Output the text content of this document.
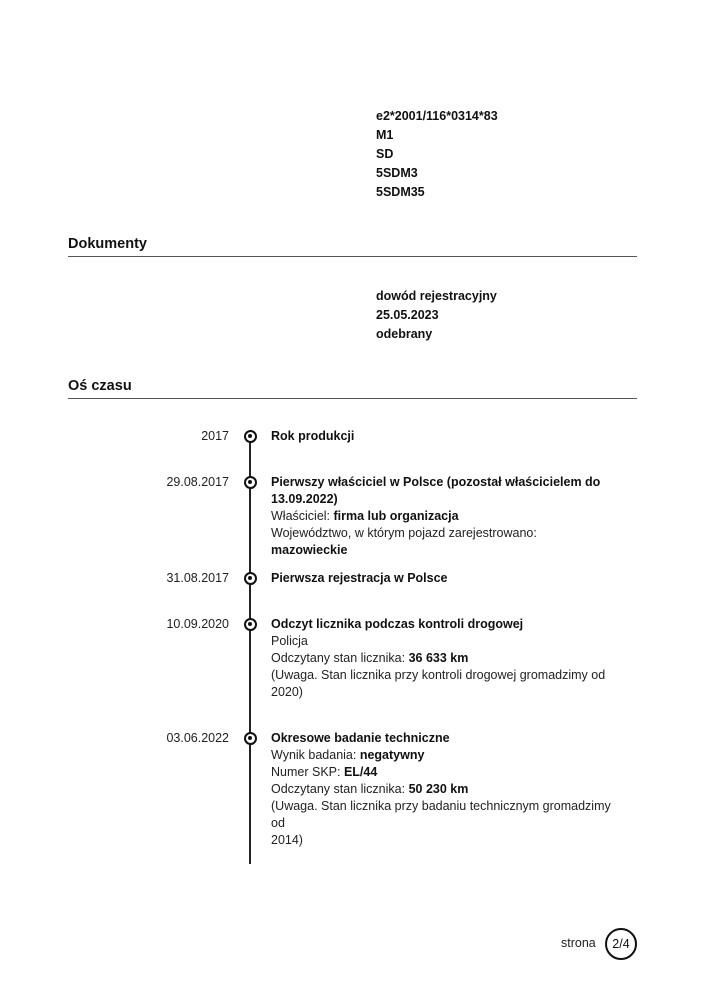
e2*2001/116*0314*83
M1
SD
5SDM3
5SDM35
Dokumenty
dowód rejestracyjny
25.05.2023
odebrany
Oś czasu
2017	Rok produkcji
29.08.2017	Pierwszy właściciel w Polsce (pozostał właścicielem do
13.09.2022)
Właściciel: firma lub organizacja
Województwo, w którym pojazd zarejestrowano: mazowieckie
31.08.2017	Pierwsza rejestracja w Polsce
10.09.2020	Odczyt licznika podczas kontroli drogowej
Policja
Odczytany stan licznika: 36 633 km
(Uwaga. Stan licznika przy kontroli drogowej gromadzimy od
2020)
03.06.2022	Okresowe badanie techniczne
Wynik badania: negatywny
Numer SKP: EL/44
Odczytany stan licznika: 50 230 km
(Uwaga. Stan licznika przy badaniu technicznym gromadzimy od
2014)
strona	2/4
